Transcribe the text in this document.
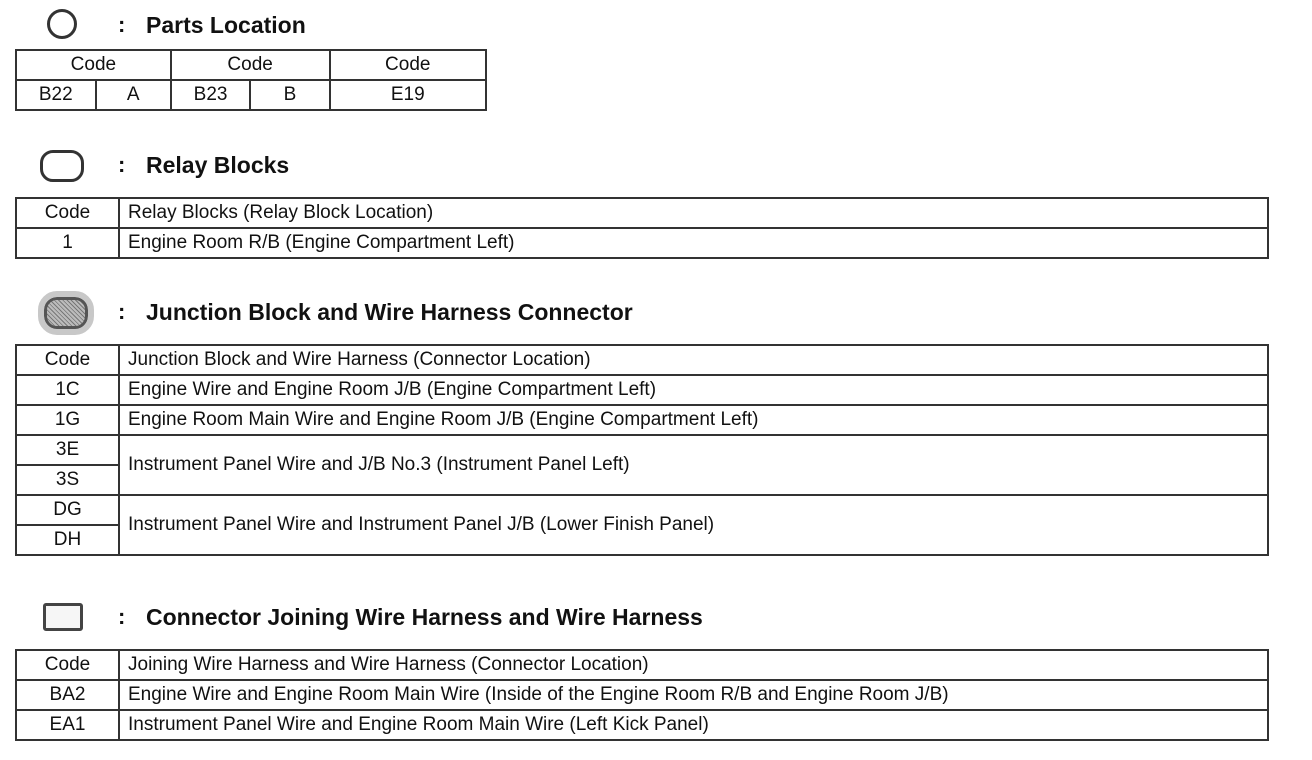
: Parts Location
Code		Code		Code
B22	A	B23	B	E19
: Relay Blocks
Code	Relay Blocks (Relay Block Location)
1	Engine Room R/B (Engine Compartment Left)
: Junction Block and Wire Harness Connector
Code	Junction Block and Wire Harness (Connector Location)
1C	Engine Wire and Engine Room J/B (Engine Compartment Left)
1G	Engine Room Main Wire and Engine Room J/B (Engine Compartment Left)
3E	Instrument Panel Wire and J/B No.3 (Instrument Panel Left)
3S	
DG	Instrument Panel Wire and Instrument Panel J/B (Lower Finish Panel)
DH	
: Connector Joining Wire Harness and Wire Harness
Code	Joining Wire Harness and Wire Harness (Connector Location)
BA2	Engine Wire and Engine Room Main Wire (Inside of the Engine Room R/B and Engine Room J/B)
EA1	Instrument Panel Wire and Engine Room Main Wire (Left Kick Panel)
